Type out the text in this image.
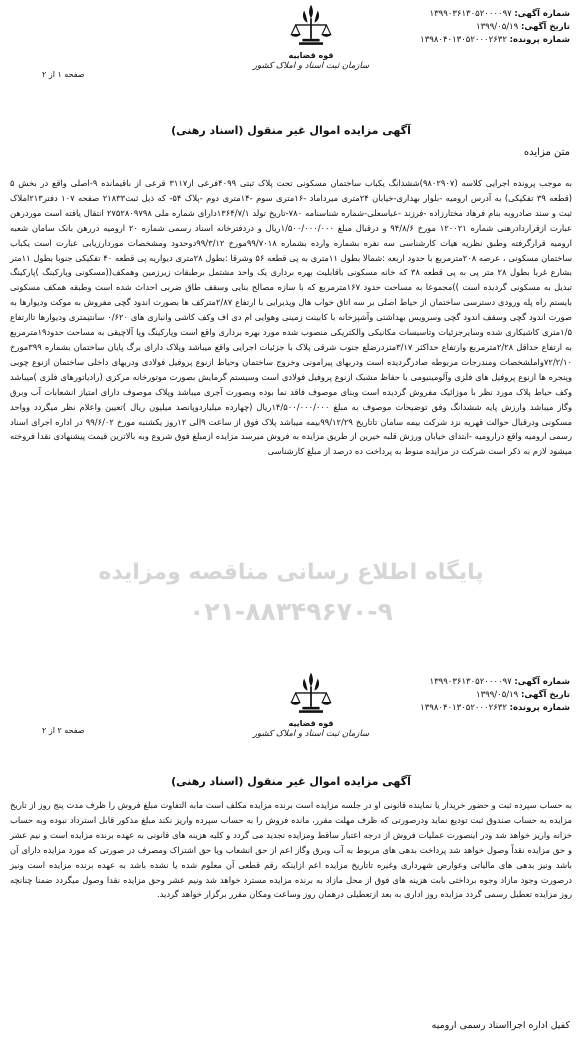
شماره آگهی: ۱۳۹۹۰۳۶۱۳۰۵۲۰۰۰۰۹۷
تاریخ آگهی: ۱۳۹۹/۰۵/۱۹
شماره پرونده: ۱۳۹۸۰۴۰۱۳۰۵۲۰۰۰۲۶۳۲
قوه قضاییه
سازمان ثبت اسناد و املاک کشور
صفحه ۱ از ۲
آگهی مزایده اموال غیر منقول (اسناد رهنی)
متن مزایده
به موجب پرونده اجرایی کلاسه (۹۸۰۲۹۰۷)ششدانگ یکباب ساختمان مسکونی تحت پلاک ثبتی ۴۰۹۹فرعی از۳۱۱۷ قرعی از باقیمانده ۹-اصلی واقع در بخش ۵ (قطعه ۳۹ تفکیکی) به آدرس ارومیه -بلوار بهداری-خیابان ۲۴متری میرداماد -۱۶متری سوم -۱۴متری دوم -پلاک ۵۴- که ذیل ثبت۲۱۸۳۳ صفحه ۱۰۷ دفتر۲۱۳املاک ثبت و سند صادروبه بنام فرهاد مختارزاده -فرزند -عباسعلی-شماره شناسنامه ۷۸۰-تاریخ تولد ۱۳۶۴/۷/۱دارای شماره ملی ۲۷۵۲۸۰۹۷۹۸ انتقال یافته است موردرهن عبارت ازقراردادرهنی شماره ۱۲۰۰۲۱ مورخ ۹۴/۸/۶ و درقبال مبلغ ۱/۵۰۰/۰۰۰/۰۰۰ریال و دردفترخانه اسناد رسمی شماره ۲۰ ارومیه دررهن بانک سامان شعبه ارومیه قرارگرفته وطبق نظریه هیات کارشناسی سه نفره بشماره وارده بشماره ۹۹/۷۰۱۸مورخ ۹۹/۳/۱۲دوحدود ومشخصات موردارزیابی عبارت است یکباب ساختمان مسکونی ، عرصه ۲۰۸مترمربع با حدود اربعه :شمالا بطول ۱۱متری به پی قطعه ۵۶ وشرقا :بطول ۲۸متری دیواریه پی قطعه ۴۰ تفکیکی جنوبا بطول ۱۱متر بشارع غربا بطول ۲۸ متر پی به پی قطعه ۳۸ که خانه مسکونی باقابلیت بهره برداری یک واحد مشتمل برطبقات زیرزمین وهمکف((مسکونی وپارکینگ )پارکینگ تبدیل به مسکونی گردیده است ))مجموعا به مساحت حدود ۱۶۷مترمربع که با سازه مصالح بنایی وسقف طاق ضربی احداث شده است وطبقه همکف مسکونی بایستم راه پله ورودی دسترسی ساختمان از حیاط اصلی بر سه اتاق خواب هال وپذیرایی با ارتفاع ۲/۸۷مترکف ها بصورت اندود گچی مفروش به موکت ودیوارها به صورت اندود گچی وسقف اندود گچی وسرویس بهداشتی وآشپزخانه با کابینت زمینی وهوایی ام دی اف وکف کاشی وانباری های ۰/۶۲۰ سانتیمتری ودیوارها تاارتفاع ۱/۵متری کاشیکاری شده وسایرجزئیات وتاسیسات مکانیکی والکتریکی منصوب شده مورد بهره برداری واقع است وپارکینگ وپا آلاچیقی به مساحت حدود۱۹مترمربع به ارتفاع حداقل ۲/۲۸مترمربع وارتفاع حداکثر ۳/۱۷متردرضلع جنوب شرقی پلاک با جزئیات اجرایی واقع میباشد وپلاک دارای برگ پایان ساختمان بشماره ۳۹۹مورخ ۷۲/۲/۱۰واملشخصات ومندرجات مربوطه صادرگردیده است ودربهای پیرامونی وخروج ساختمان وحیاط ازنوع پروفیل فولادی ودربهای داخلی ساختمان ازنوع چوبی وپنجره ها ازنوع پروفیل های فلزی وآلومینیومی با حفاظ مشبک ازنوع پروفیل فولادی است وسیستم گرمایش بصورت موتورخانه مرکزی (رادیاتورهای فلزی )میباشد وکف حیاط پلاک مورد نظر با موزائیک مفروش گردیده است وبنای موصوف فاقد نما بوده وبصورت آجری میباشد وپلاک موصوف دارای امتیاز انشعابات آب وبرق وگاز میباشد وارزش پایه ششدانگ وفق توضیحات موصوف به مبلغ ۱۴/۵۰۰/۰۰۰/۰۰۰ریال (چهارده میلیاردوپانصد میلیون ریال )تعیین واعلام نظر میگردد وواحد مسکونی ودرقبال حوالت قهریه نزد شرکت بیمه سامان تاتاریخ ۹۹/۱۲/۲۹بیمه میباشد پلاک فوق از ساعت ۹الی ۱۲روز یکشنبه مورخ ۹۹/۶/۰۲ در اداره اجرای اسناد رسمی ارومیه واقع درارومیه -ابتدای خیابان ورزش قلبه خیرین از طریق مزایده به فروش میرسد مزایده ازمبلغ فوق شروع وبه بالاترین قیمت پیشنهادی نقدا فروخته میشود لازم به ذکر است شرکت در مزایده منوط به پرداخت ده درصد از مبلغ کارشناسی
پایگاه اطلاع رسانی مناقصه ومزایده
۰۲۱-۸۸۳۴۹۶۷۰-۹
شماره آگهی: ۱۳۹۹۰۳۶۱۳۰۵۲۰۰۰۰۹۷
تاریخ آگهی: ۱۳۹۹/۰۵/۱۹
شماره پرونده: ۱۳۹۸۰۴۰۱۳۰۵۲۰۰۰۲۶۳۲
قوه قضاییه
سازمان ثبت اسناد و املاک کشور
صفحه ۲ از ۲
آگهی مزایده اموال غیر منقول (اسناد رهنی)
به حساب سپرده ثبت و حضور خریدار یا نماینده قانونی او در جلسه مزایده است برنده مزایده مکلف است مابه التفاوت مبلغ فروش را ظرف مدت پنج روز از تاریخ مزایده به حساب صندوق ثبت تودیع نماید ودرصورتی که ظرف مهلت مقرر، مانده فروش را به حساب سپرده واریز نکند مبلغ مذکور قابل استرداد نبوده وبه حساب خزانه واریز خواهد شد ودر اینصورت عملیات فروش از درجه اعتبار ساقط ومزایده تجدید می گردد و کلیه هزینه های قانونی به عهده برنده مزایده است و نیم عشر و حق مزایده نقداً وصول خواهد شد پرداخت بدهی های مربوط به آب وبرق وگاز اعم از حق انشعاب ویا حق اشتراک ومصرف در صورتی که مورد مزایده دارای آن باشد ونیز بدهی های مالیاتی وعوارض شهرداری وغیره تاتاریخ مزایده اعم ازاینکه رقم قطعی آن معلوم شده یا نشده باشد به عهده برنده مزایده است ونیز درصورت وجود مازاد وجوه برداختی بابت هزینه های فوق از محل مازاد به برنده مزایده مسترد خواهد شد ونیم عشر وحق مزایده نقدا وصول میگردد ضمنا چنانچه روز مزایده تعطیل رسمی گردد مزایده روز اداری به بعد ازتعطیلی درهمان روز وساعت ومکان مقرر برگزار خواهد گردید.
کفیل اداره اجرااسناد رسمی ارومیه
